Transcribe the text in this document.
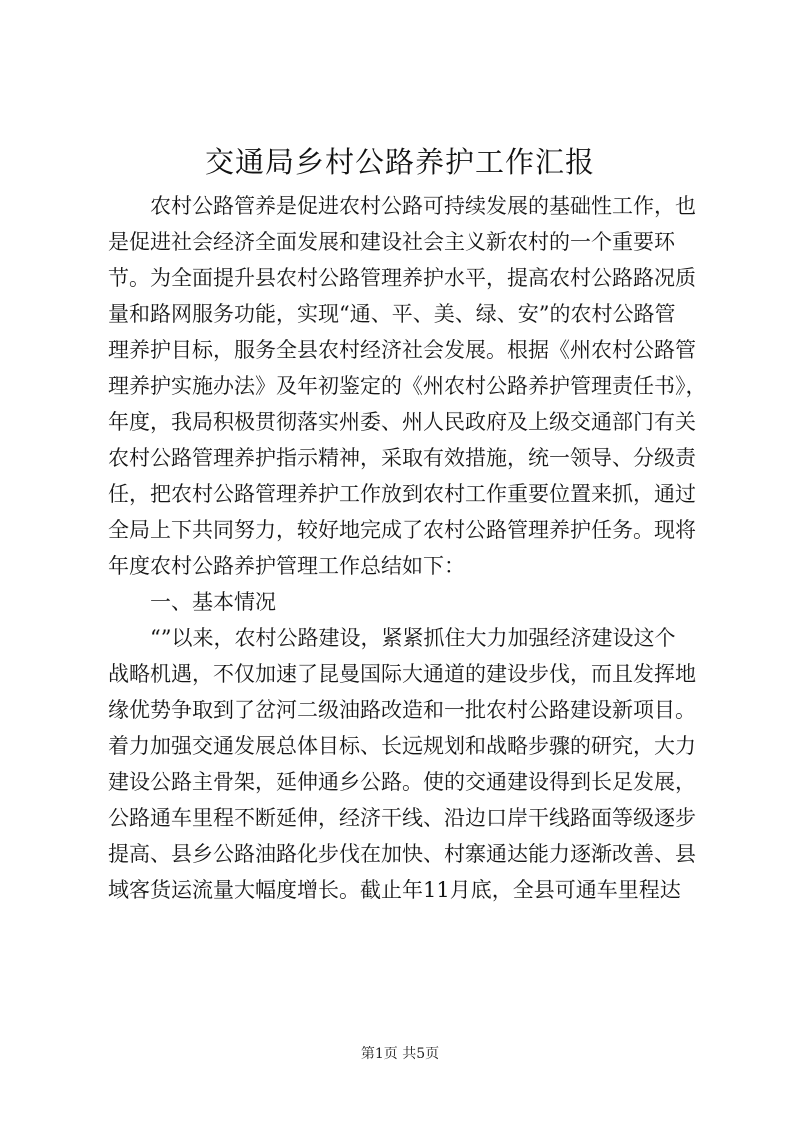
交通局乡村公路养护工作汇报
农村公路管养是促进农村公路可持续发展的基础性工作，也
是促进社会经济全面发展和建设社会主义新农村的一个重要环
节。为全面提升县农村公路管理养护水平，提高农村公路路况质
量和路网服务功能，实现“通、平、美、绿、安”的农村公路管
理养护目标，服务全县农村经济社会发展。根据《州农村公路管
理养护实施办法》及年初鉴定的《州农村公路养护管理责任书》，
年度，我局积极贯彻落实州委、州人民政府及上级交通部门有关
农村公路管理养护指示精神，采取有效措施，统一领导、分级责
任，把农村公路管理养护工作放到农村工作重要位置来抓，通过
全局上下共同努力，较好地完成了农村公路管理养护任务。现将
年度农村公路养护管理工作总结如下：
一、基本情况
“”以来，农村公路建设，紧紧抓住大力加强经济建设这个
战略机遇，不仅加速了昆曼国际大通道的建设步伐，而且发挥地
缘优势争取到了岔河二级油路改造和一批农村公路建设新项目。
着力加强交通发展总体目标、长远规划和战略步骤的研究，大力
建设公路主骨架，延伸通乡公路。使的交通建设得到长足发展，
公路通车里程不断延伸，经济干线、沿边口岸干线路面等级逐步
提高、县乡公路油路化步伐在加快、村寨通达能力逐渐改善、县
域客货运流量大幅度增长。截止年11月底，全县可通车里程达
第1页 共5页
